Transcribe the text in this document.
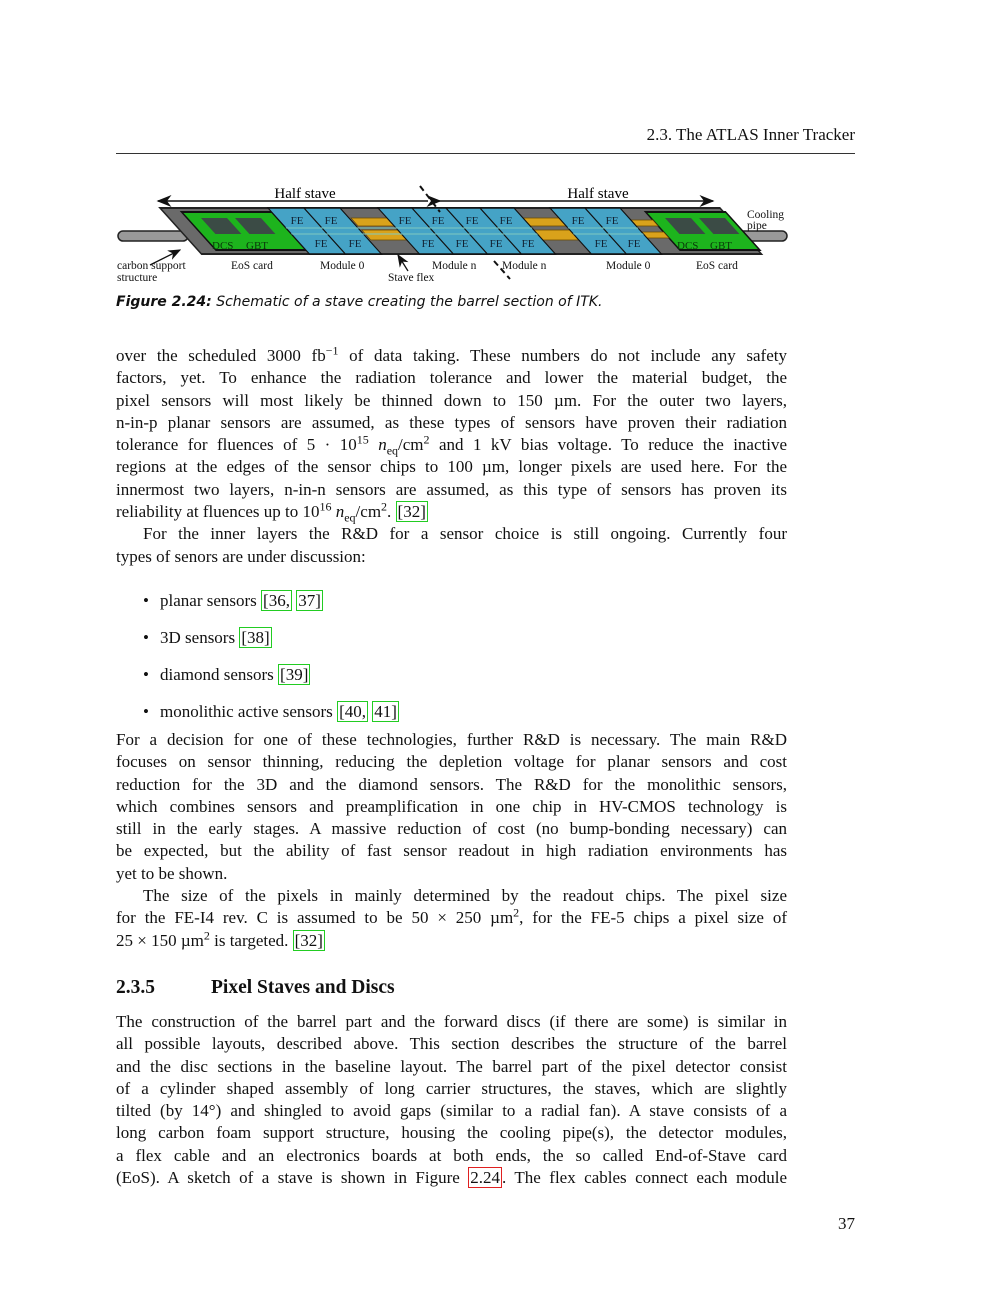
2.3. The ATLAS Inner Tracker
FE FE	FE FE FE FE	FE FE
FE FE	FE FE FE FE	FE FE
DCS GBT	DCS GBT
Half stave	Half stave
carbon support
structure
EoS card	Module 0
Stave flex
Module n Module n	Module 0	EoS card
Cooling
pipe
Figure 2.24: Schematic of a stave creating the barrel section of ITK.
over the scheduled 3000 $fb^{-1}$ of data taking. These numbers do not include any safety
factors, yet. To enhance the radiation tolerance and lower the material budget, the
pixel sensors will most likely be thinned down to 150 µm. For the outer two layers,
n-in-p planar sensors are assumed, as these types of sensors have proven their radiation
tolerance for fluences of $5 \cdot 10^{15}$ $n_{eq}/cm^2$ and 1 kV bias voltage. To reduce the inactive
regions at the edges of the sensor chips to 100 µm, longer pixels are used here. For the
innermost two layers, n-in-n sensors are assumed, as this type of sensors has proven its
reliability at fluences up to $10^{16}$ $n_{eq}/cm^2$. [32]
For the inner layers the R&D for a sensor choice is still ongoing. Currently four
types of senors are under discussion:
• planar sensors [36, 37]
• 3D sensors [38]
• diamond sensors [39]
• monolithic active sensors [40, 41]
For a decision for one of these technologies, further R&D is necessary. The main R&D
focuses on sensor thinning, reducing the depletion voltage for planar sensors and cost
reduction for the 3D and the diamond sensors. The R&D for the monolithic sensors,
which combines sensors and preamplification in one chip in HV-CMOS technology is
still in the early stages. A massive reduction of cost (no bump-bonding necessary) can
be expected, but the ability of fast sensor readout in high radiation environments has
yet to be shown.
The size of the pixels in mainly determined by the readout chips. The pixel size
for the FE-I4 rev. C is assumed to be 50 × 250 µm$^2$, for the FE-5 chips a pixel size of
25 × 150 µm$^2$ is targeted. [32]
2.3.5	Pixel Staves and Discs
The construction of the barrel part and the forward discs (if there are some) is similar in
all possible layouts, described above. This section describes the structure of the barrel
and the disc sections in the baseline layout. The barrel part of the pixel detector consist
of a cylinder shaped assembly of long carrier structures, the staves, which are slightly
tilted (by 14°) and shingled to avoid gaps (similar to a radial fan). A stave consists of a
long carbon foam support structure, housing the cooling pipe(s), the detector modules,
a flex cable and an electronics boards at both ends, the so called End-of-Stave card
(EoS). A sketch of a stave is shown in Figure 2.24 . The flex cables connect each module
37
